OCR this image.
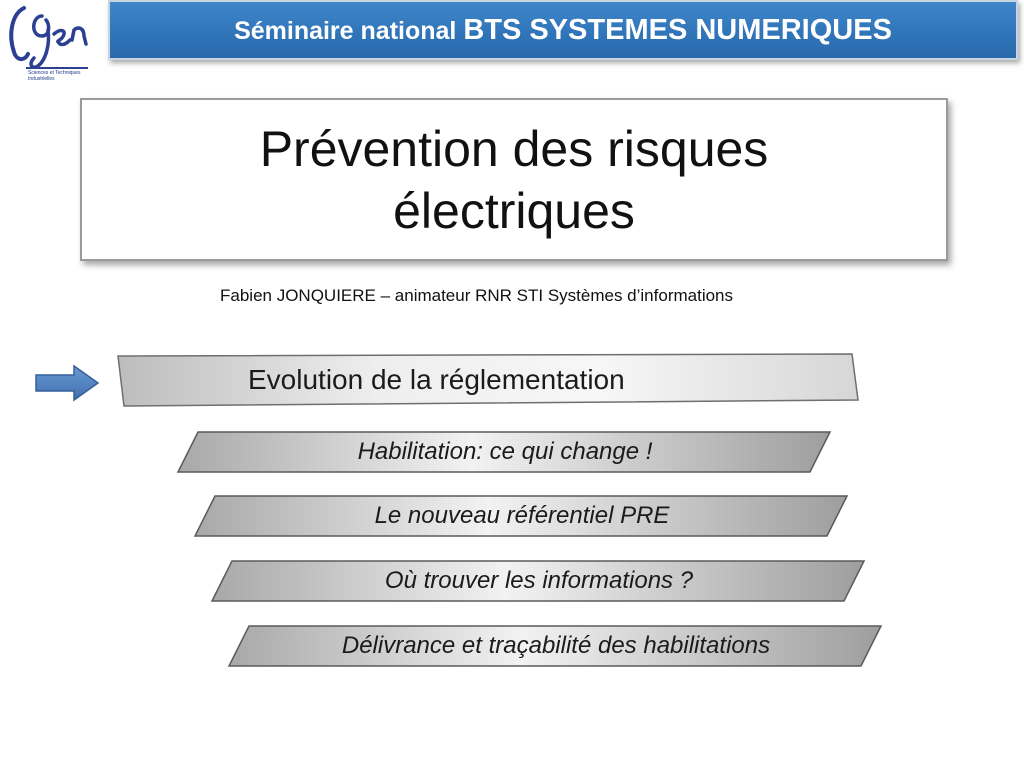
Sciences et Techniques
Industrielles
Séminaire national BTS SYSTEMES NUMERIQUES
Prévention des risques
électriques
Fabien JONQUIERE – animateur RNR STI Systèmes d’informations
Evolution de la réglementation
Habilitation: ce qui change !
Le nouveau référentiel PRE
Où trouver les informations ?
Délivrance et traçabilité des habilitations
